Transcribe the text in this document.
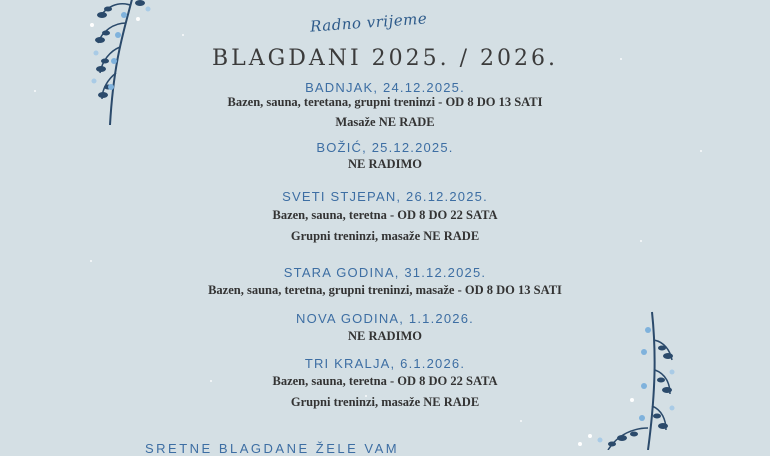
Radno vrijeme
BLAGDANI 2025. / 2026.
BADNJAK, 24.12.2025.
Bazen, sauna, teretana, grupni treninzi - OD 8 DO 13 SATI
Masaže NE RADE
BOŽIĆ, 25.12.2025.
NE RADIMO
SVETI STJEPAN, 26.12.2025.
Bazen, sauna, teretna - OD 8 DO 22 SATA
Grupni treninzi, masaže NE RADE
STARA GODINA, 31.12.2025.
Bazen, sauna, teretna, grupni treninzi, masaže - OD 8 DO 13 SATI
NOVA GODINA, 1.1.2026.
NE RADIMO
TRI KRALJA, 6.1.2026.
Bazen, sauna, teretna - OD 8 DO 22 SATA
Grupni treninzi, masaže NE RADE
SRETNE BLAGDANE ŽELE VAM
